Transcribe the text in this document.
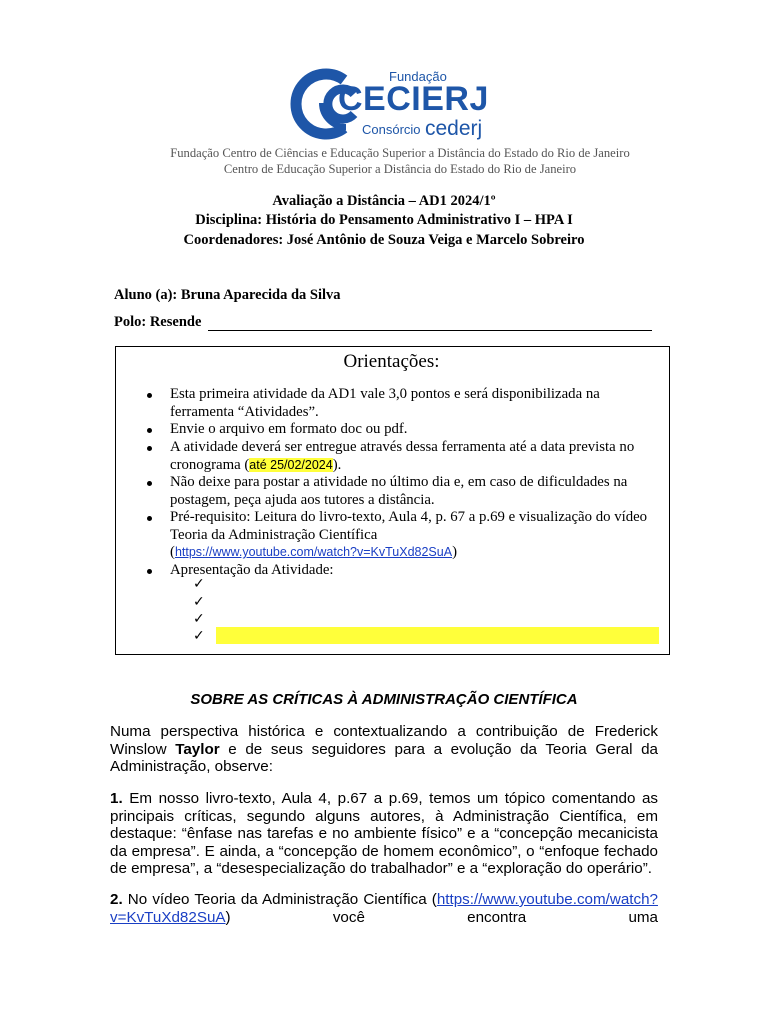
Fundação
CECIERJ
Consórcio cederj
Fundação Centro de Ciências e Educação Superior a Distância do Estado do Rio de Janeiro
Centro de Educação Superior a Distância do Estado do Rio de Janeiro
Avaliação a Distância – AD1 2024/1º
Disciplina: História do Pensamento Administrativo I – HPA I
Coordenadores: José Antônio de Souza Veiga e Marcelo Sobreiro
Aluno (a): Bruna Aparecida da Silva
Polo: Resende
Orientações:
Esta primeira atividade da AD1 vale 3,0 pontos e será disponibilizada na ferramenta “Atividades”.
Envie o arquivo em formato doc ou pdf.
A atividade deverá ser entregue através dessa ferramenta até a data prevista no cronograma (até 25/02/2024).
Não deixe para postar a atividade no último dia e, em caso de dificuldades na postagem, peça ajuda aos tutores a distância.
Pré-requisito: Leitura do livro-texto, Aula 4, p. 67 a p.69 e visualização do vídeo Teoria da Administração Científica
(https://www.youtube.com/watch?v=KvTuXd82SuA)
Apresentação da Atividade:
✓
✓
✓
✓
SOBRE AS CRÍTICAS À ADMINISTRAÇÃO CIENTÍFICA
Numa perspectiva histórica e contextualizando a contribuição de Frederick Winslow Taylor e de seus seguidores para a evolução da Teoria Geral da Administração, observe:
1. Em nosso livro-texto, Aula 4, p.67 a p.69, temos um tópico comentando as principais críticas, segundo alguns autores, à Administração Científica, em destaque: “ênfase nas tarefas e no ambiente físico” e a “concepção mecanicista da empresa”. E ainda, a “concepção de homem econômico”, o “enfoque fechado de empresa”, a “desespecialização do trabalhador” e a “exploração do operário”.
2. No vídeo Teoria da Administração Científica (https://www.youtube.com/watch?v=KvTuXd82SuA) você encontra uma
